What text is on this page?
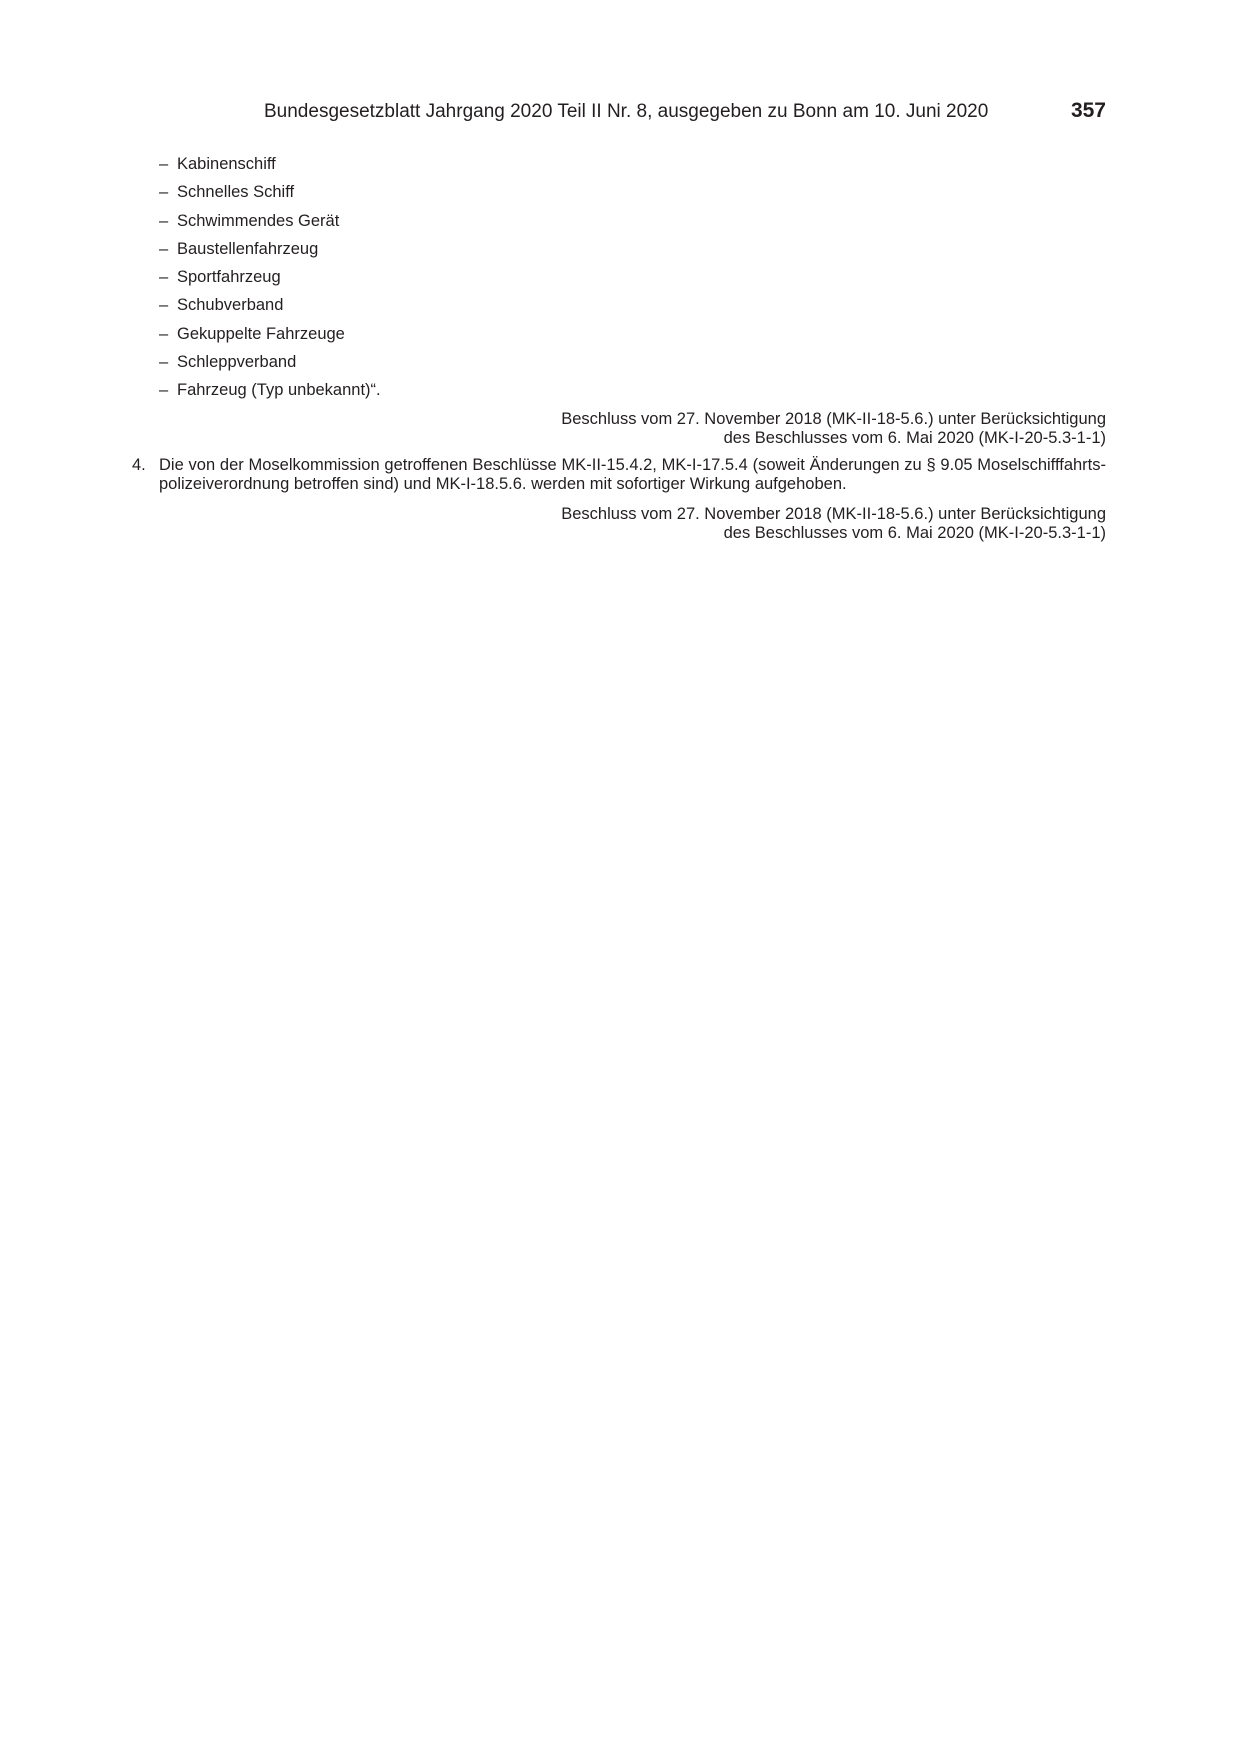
Bundesgesetzblatt Jahrgang 2020 Teil II Nr. 8, ausgegeben zu Bonn am 10. Juni 2020	357
– Kabinenschiff
– Schnelles Schiff
– Schwimmendes Gerät
– Baustellenfahrzeug
– Sportfahrzeug
– Schubverband
– Gekuppelte Fahrzeuge
– Schleppverband
– Fahrzeug (Typ unbekannt)“.
Beschluss vom 27. November 2018 (MK-II-18-5.6.) unter Berücksichtigung
des Beschlusses vom 6. Mai 2020 (MK-I-20-5.3-1-1)
4. Die von der Moselkommission getroffenen Beschlüsse MK-II-15.4.2, MK-I-17.5.4 (soweit Änderungen zu § 9.05 Moselschifffahrts-
polizeiverordnung betroffen sind) und MK-I-18.5.6. werden mit sofortiger Wirkung aufgehoben.
Beschluss vom 27. November 2018 (MK-II-18-5.6.) unter Berücksichtigung
des Beschlusses vom 6. Mai 2020 (MK-I-20-5.3-1-1)
